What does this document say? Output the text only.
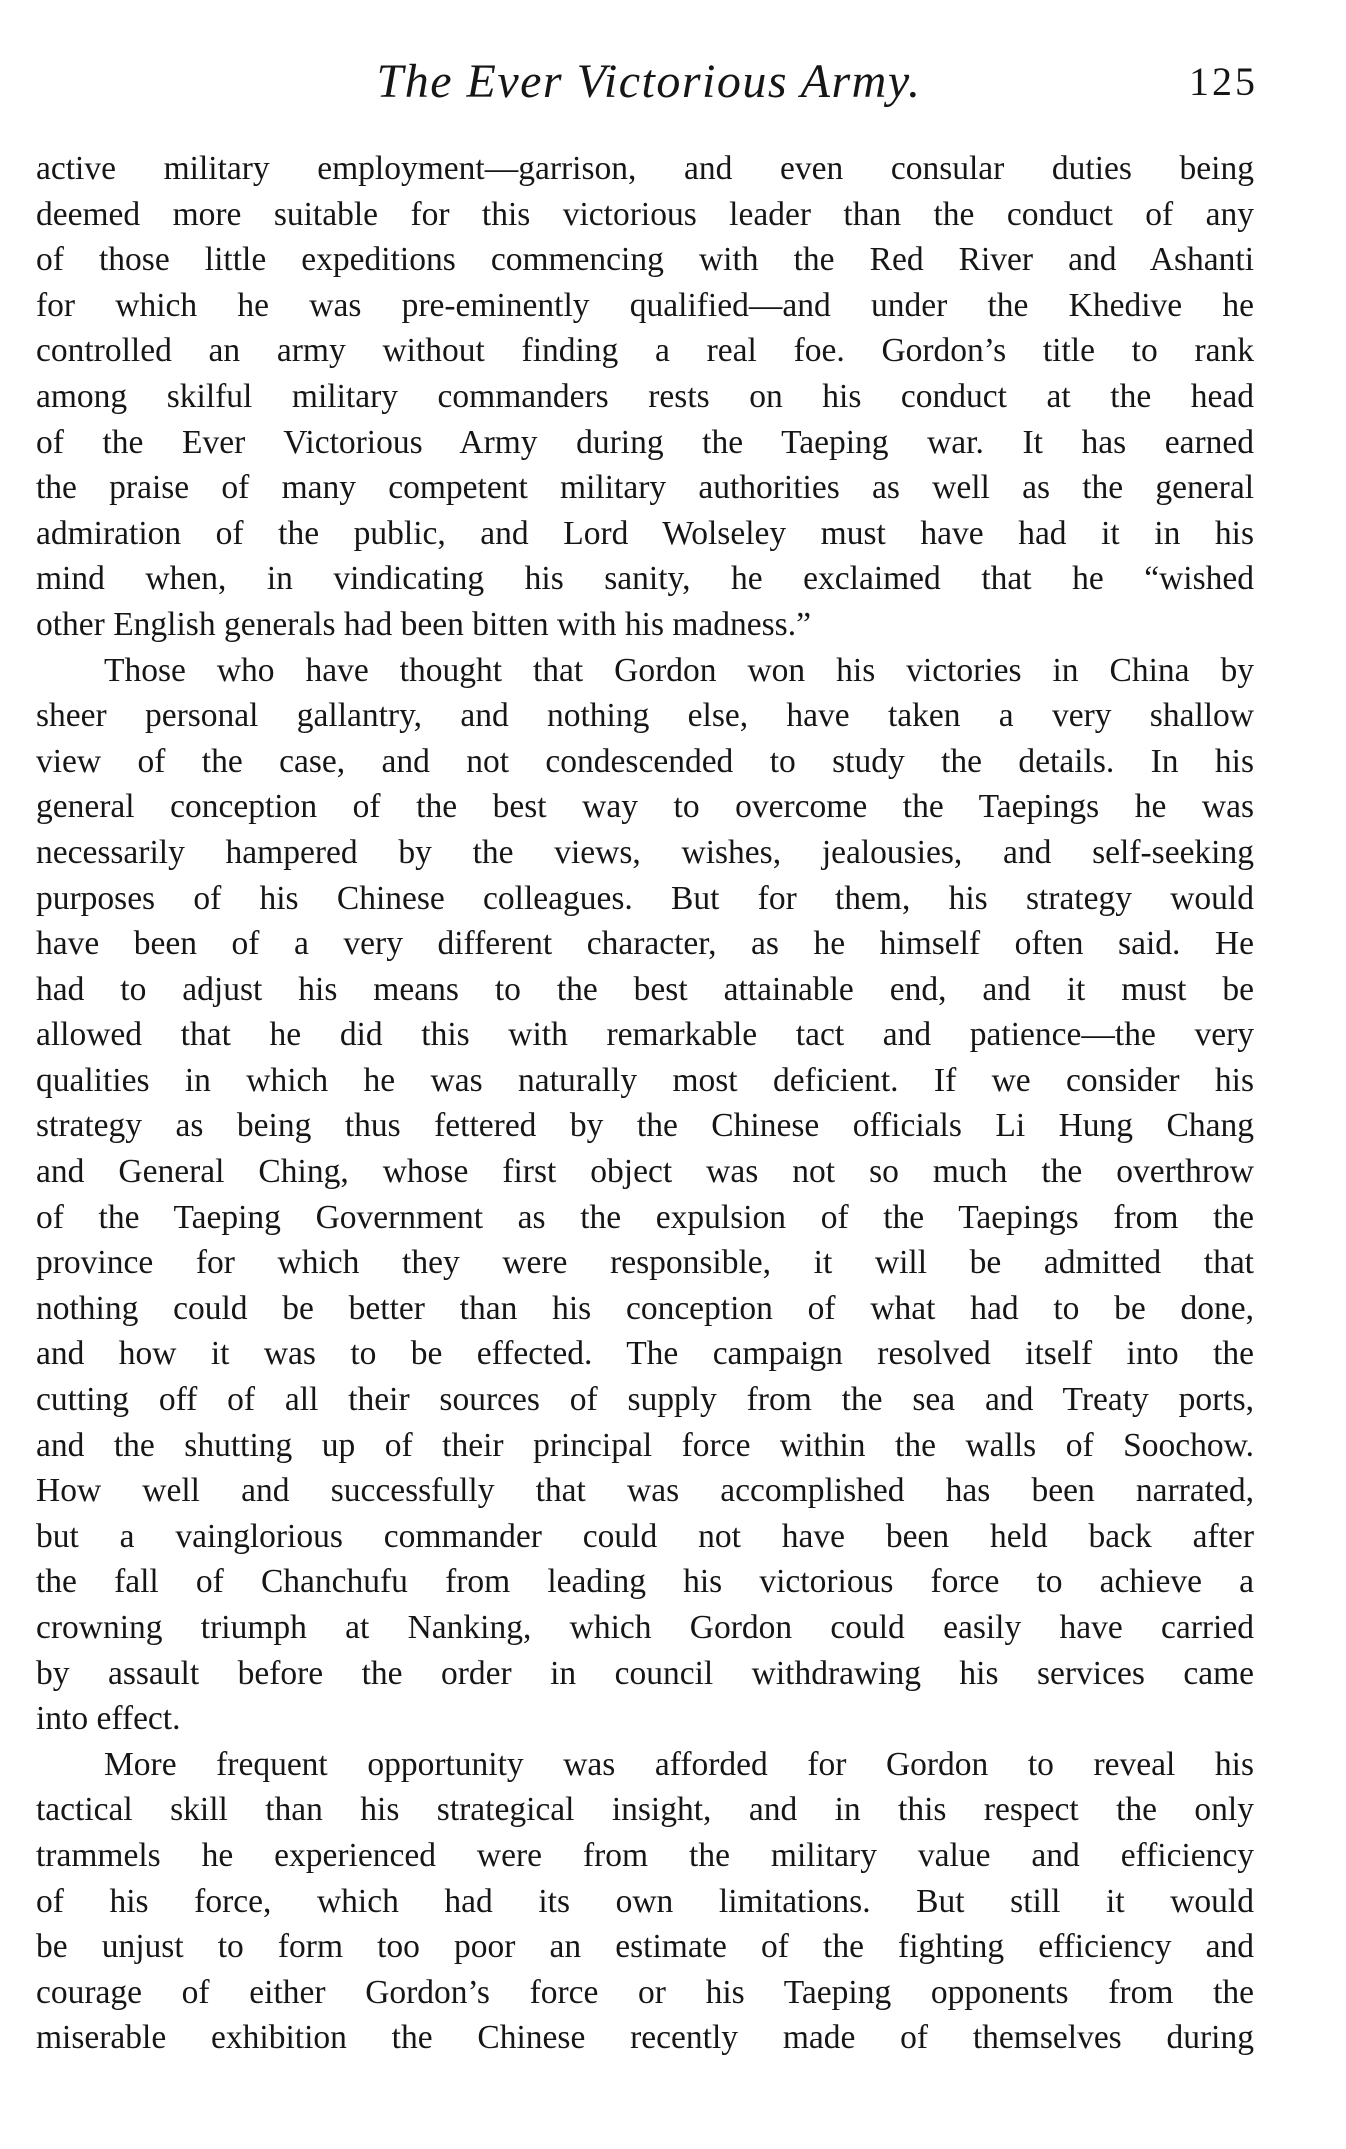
The Ever Victorious Army.	125
active military employment—garrison, and even consular duties being
deemed more suitable for this victorious leader than the conduct of any
of those little expeditions commencing with the Red River and Ashanti
for which he was pre-eminently qualified—and under the Khedive he
controlled an army without finding a real foe. Gordon’s title to rank
among skilful military commanders rests on his conduct at the head
of the Ever Victorious Army during the Taeping war. It has earned
the praise of many competent military authorities as well as the general
admiration of the public, and Lord Wolseley must have had it in his
mind when, in vindicating his sanity, he exclaimed that he “wished
other English generals had been bitten with his madness.”
Those who have thought that Gordon won his victories in China by
sheer personal gallantry, and nothing else, have taken a very shallow
view of the case, and not condescended to study the details. In his
general conception of the best way to overcome the Taepings he was
necessarily hampered by the views, wishes, jealousies, and self-seeking
purposes of his Chinese colleagues. But for them, his strategy would
have been of a very different character, as he himself often said. He
had to adjust his means to the best attainable end, and it must be
allowed that he did this with remarkable tact and patience—the very
qualities in which he was naturally most deficient. If we consider his
strategy as being thus fettered by the Chinese officials Li Hung Chang
and General Ching, whose first object was not so much the overthrow
of the Taeping Government as the expulsion of the Taepings from the
province for which they were responsible, it will be admitted that
nothing could be better than his conception of what had to be done,
and how it was to be effected. The campaign resolved itself into the
cutting off of all their sources of supply from the sea and Treaty ports,
and the shutting up of their principal force within the walls of Soochow.
How well and successfully that was accomplished has been narrated,
but a vainglorious commander could not have been held back after
the fall of Chanchufu from leading his victorious force to achieve a
crowning triumph at Nanking, which Gordon could easily have carried
by assault before the order in council withdrawing his services came
into effect.
More frequent opportunity was afforded for Gordon to reveal his
tactical skill than his strategical insight, and in this respect the only
trammels he experienced were from the military value and efficiency
of his force, which had its own limitations. But still it would
be unjust to form too poor an estimate of the fighting efficiency and
courage of either Gordon’s force or his Taeping opponents from the
miserable exhibition the Chinese recently made of themselves during
